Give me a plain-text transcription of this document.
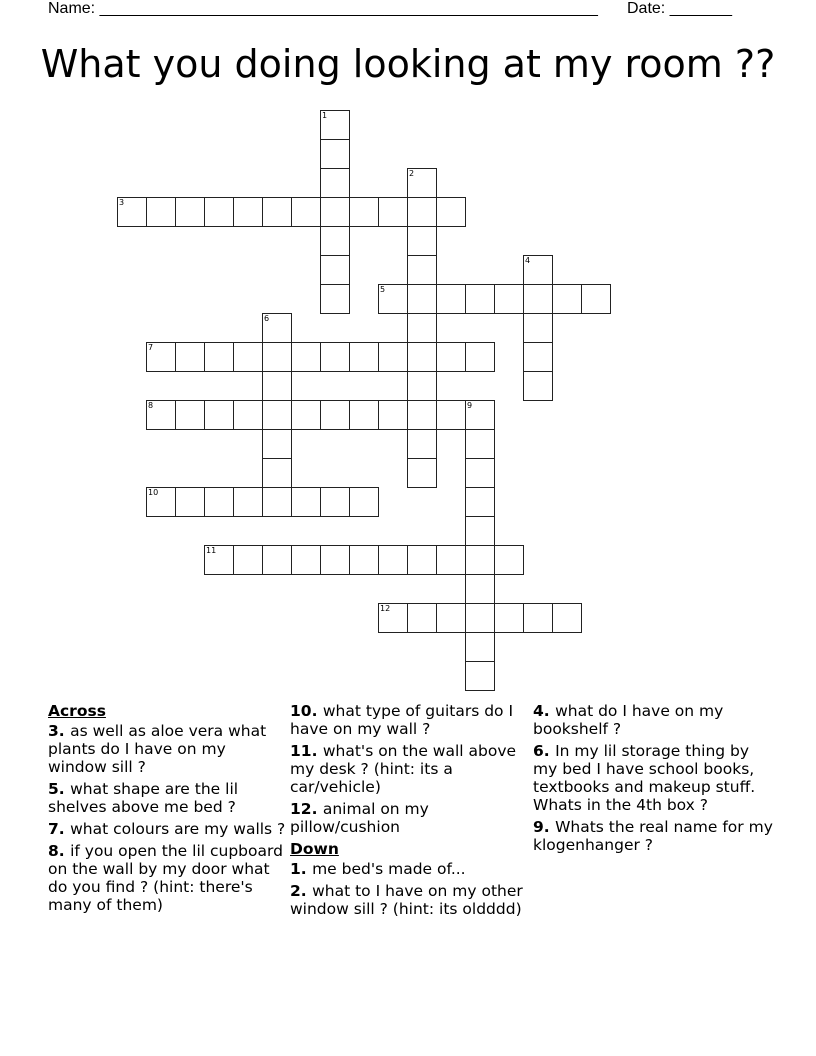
Name: ________________________________________________________ Date: _______
What you doing looking at my room ??
1
2
3
4
5
6
7
8	9
10
11
12
Across
3. as well as aloe vera what plants do I have on my window sill ?
5. what shape are the lil shelves above me bed ?
7. what colours are my walls ?
8. if you open the lil cupboard on the wall by my door what do you find ? (hint: there's many of them)
10. what type of guitars do I have on my wall ?
11. what's on the wall above my desk ? (hint: its a car/vehicle)
12. animal on my pillow/cushion
Down
1. me bed's made of...
2. what to I have on my other window sill ? (hint: its oldddd)
4. what do I have on my bookshelf ?
6. In my lil storage thing by my bed I have school books, textbooks and makeup stuff. Whats in the 4th box ?
9. Whats the real name for my klogenhanger ?
